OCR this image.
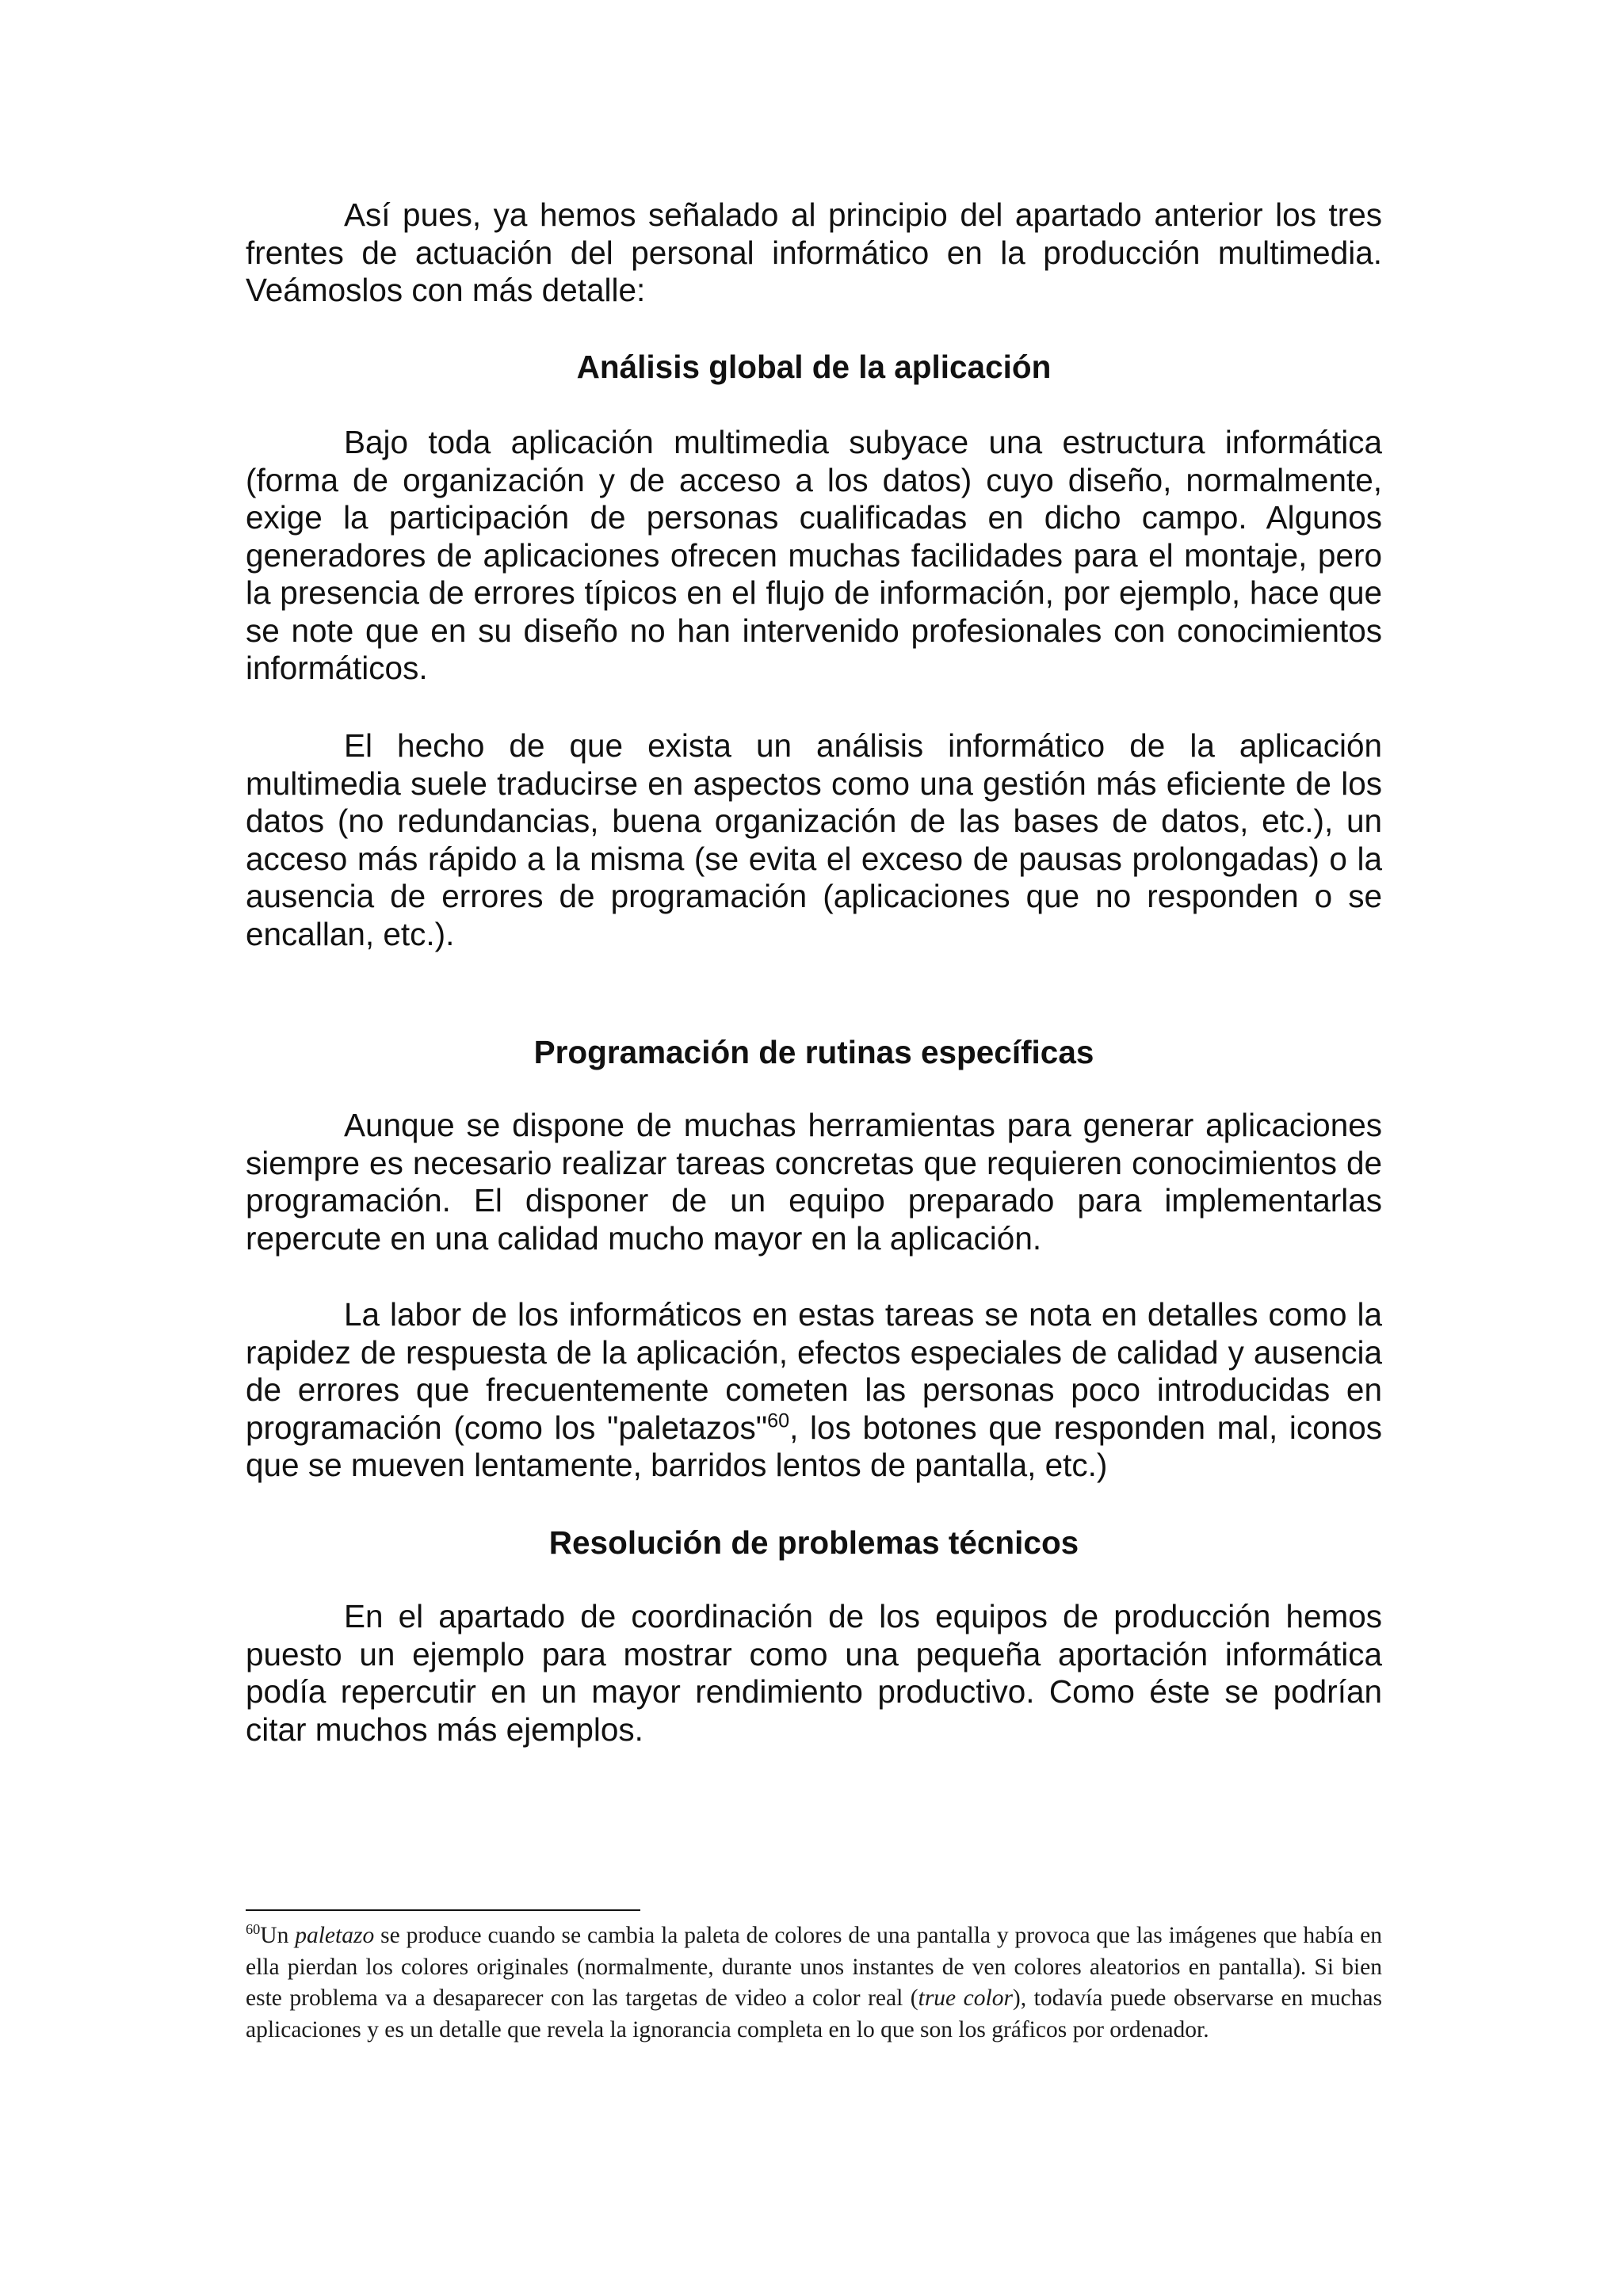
Así pues, ya hemos señalado al principio del apartado anterior los tres frentes de actuación del personal informático en la producción multimedia. Veámoslos con más detalle:

Análisis global de la aplicación

Bajo toda aplicación multimedia subyace una estructura informática (forma de organización y de acceso a los datos) cuyo diseño, normalmente, exige la participación de personas cualificadas en dicho campo. Algunos generadores de aplicaciones ofrecen muchas facilidades para el montaje, pero la presencia de errores típicos en el flujo de información, por ejemplo, hace que se note que en su diseño no han intervenido profesionales con conocimientos informáticos.

El hecho de que exista un análisis informático de la aplicación multimedia suele traducirse en aspectos como una gestión más eficiente de los datos (no redundancias, buena organización de las bases de datos, etc.), un acceso más rápido a la misma (se evita el exceso de pausas prolongadas) o la ausencia de errores de programación (aplicaciones que no responden o se encallan, etc.).

Programación de rutinas específicas

Aunque se dispone de muchas herramientas para generar aplicaciones siempre es necesario realizar tareas concretas que requieren conocimientos de programación. El disponer de un equipo preparado para implementarlas repercute en una calidad mucho mayor en la aplicación.

La labor de los informáticos en estas tareas se nota en detalles como la rapidez de respuesta de la aplicación, efectos especiales de calidad y ausencia de errores que frecuentemente cometen las personas poco introducidas en programación (como los "paletazos"$^{60}$, los botones que responden mal, iconos que se mueven lentamente, barridos lentos de pantalla, etc.)

Resolución de problemas técnicos

En el apartado de coordinación de los equipos de producción hemos puesto un ejemplo para mostrar como una pequeña aportación informática podía repercutir en un mayor rendimiento productivo. Como éste se podrían citar muchos más ejemplos.

$^{60}$Un paletazo se produce cuando se cambia la paleta de colores de una pantalla y provoca que las imágenes que había en ella pierdan los colores originales (normalmente, durante unos instantes de ven colores aleatorios en pantalla). Si bien este problema va a desaparecer con las targetas de video a color real (true color), todavía puede observarse en muchas aplicaciones y es un detalle que revela la ignorancia completa en lo que son los gráficos por ordenador.
